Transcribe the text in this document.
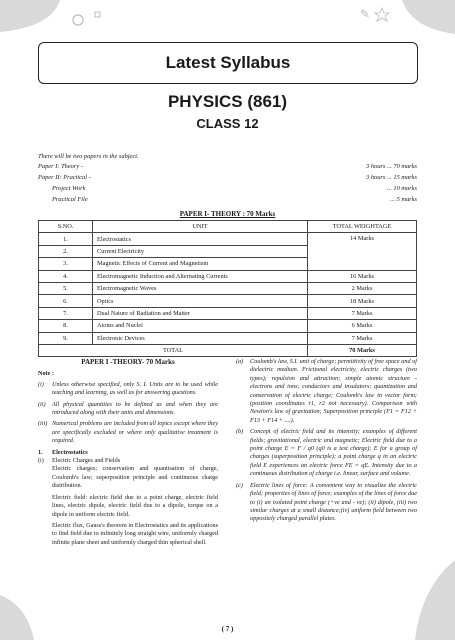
✎
Latest Syllabus
PHYSICS (861)
CLASS 12
There will be two papers in the subject.
Paper I: Theory -	3 hours ... 70 marks
Paper II: Practical -	3 hours ... 15 marks
Project Work	... 10 marks
Practical File	... 5 marks
PAPER I- THEORY : 70 Marks
S.NO.	UNIT	TOTAL WEIGHTAGE
1.	Electrostatics	14 Marks
2.	Current Electricity	
3.	Magnetic Effects of Current and Magnetism	
4.	Electromagnetic Induction and Alternating Currents	16 Marks
5.	Electromagnetic Waves	2 Marks
6.	Optics	18 Marks
7.	Dual Nature of Radiation and Matter	7 Marks
8.	Atoms and Nuclei	6 Marks
9.	Electronic Devices	7 Marks
TOTAL		70 Marks

PAPER I -THEORY- 70 Marks

Note :

(i) Unless otherwise specified, only S. I. Units are to be used while teaching and learning, as well as for answering questions.

(ii) All physical quantities to be defined as and when they are introduced along with their units and dimensions.

(iii) Numerical problems are included from all topics except where they are specifically excluded or where only qualitative treatment is required.

1. Electrostatics

(i) Electric Charges and Fields

Electric charges; conservation and quantisation of charge, Coulomb's law; superposition principle and continuous charge distribution.

Electric field: electric field due to a point charge, electric field lines, electric dipole, electric field due to a dipole, torque on a dipole in uniform electric field.

Electric flux, Gauss's theorem in Electrostatics and its applications to find field due to infinitely long straight wire, uniformly charged infinite plane sheet and uniformly charged thin spherical shell.

(a) Coulomb's law, S.I. unit of charge; permittivity of free space and of dielectric medium. Frictional electricity, electric charges (two types); repulsion and attraction; simple atomic structure - electrons and ions; conductors and insulators; quantization and conservation of electric charge; Coulomb's law in vector form; (position coordinates r1, r2 not necessary). Comparison with Newton's law of gravitation; Superposition principle (F1 = F12 + F13 + F14 + ....).

(b) Concept of electric field and its intensity; examples of different fields; gravitational, electric and magnetic; Electric field due to a point charge E = F / q0 (q0 is a test charge); E for a group of charges (superposition principle); a point charge q in an electric field E experiences an electric force FE = qE. Intensity due to a continuous distribution of charge i.e. linear, surface and volume.

(c) Electric lines of force: A convenient way to visualize the electric field; properties of lines of force; examples of the lines of force due to (i) an isolated point charge (+ve and - ve); (ii) dipole, (iii) two similar charges at a small distance;(iv) uniform field between two oppositely charged parallel plates.

( 7 )
